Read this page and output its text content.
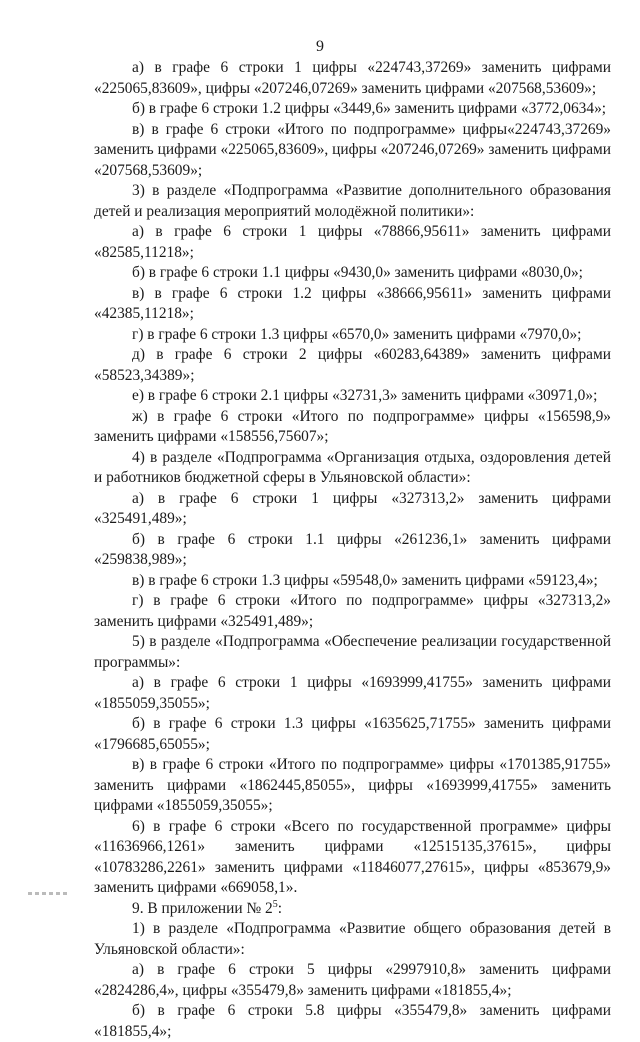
9

а) в графе 6 строки 1 цифры «224743,37269» заменить цифрами «225065,83609», цифры «207246,07269» заменить цифрами «207568,53609»;

б) в графе 6 строки 1.2 цифры «3449,6» заменить цифрами «3772,0634»;

в) в графе 6 строки «Итого по подпрограмме» цифры«224743,37269» заменить цифрами «225065,83609», цифры «207246,07269» заменить цифрами «207568,53609»;

3) в разделе «Подпрограмма «Развитие дополнительного образования детей и реализация мероприятий молодёжной политики»:

а) в графе 6 строки 1 цифры «78866,95611» заменить цифрами «82585,11218»;

б) в графе 6 строки 1.1 цифры «9430,0» заменить цифрами «8030,0»;

в) в графе 6 строки 1.2 цифры «38666,95611» заменить цифрами «42385,11218»;

г) в графе 6 строки 1.3 цифры «6570,0» заменить цифрами «7970,0»;

д) в графе 6 строки 2 цифры «60283,64389» заменить цифрами «58523,34389»;

е) в графе 6 строки 2.1 цифры «32731,3» заменить цифрами «30971,0»;

ж) в графе 6 строки «Итого по подпрограмме» цифры «156598,9» заменить цифрами «158556,75607»;

4) в разделе «Подпрограмма «Организация отдыха, оздоровления детей и работников бюджетной сферы в Ульяновской области»:

а) в графе 6 строки 1 цифры «327313,2» заменить цифрами «325491,489»;

б) в графе 6 строки 1.1 цифры «261236,1» заменить цифрами «259838,989»;

в) в графе 6 строки 1.3 цифры «59548,0» заменить цифрами «59123,4»;

г) в графе 6 строки «Итого по подпрограмме» цифры «327313,2» заменить цифрами «325491,489»;

5) в разделе «Подпрограмма «Обеспечение реализации государственной программы»:

а) в графе 6 строки 1 цифры «1693999,41755» заменить цифрами «1855059,35055»;

б) в графе 6 строки 1.3 цифры «1635625,71755» заменить цифрами «1796685,65055»;

в) в графе 6 строки «Итого по подпрограмме» цифры «1701385,91755» заменить цифрами «1862445,85055», цифры «1693999,41755» заменить цифрами «1855059,35055»;

6) в графе 6 строки «Всего по государственной программе» цифры «11636966,1261» заменить цифрами «12515135,37615», цифры «10783286,2261» заменить цифрами «11846077,27615», цифры «853679,9» заменить цифрами «669058,1».

9. В приложении № $2^5$:

1) в разделе «Подпрограмма «Развитие общего образования детей в Ульяновской области»:

а) в графе 6 строки 5 цифры «2997910,8» заменить цифрами «2824286,4», цифры «355479,8» заменить цифрами «181855,4»;

б) в графе 6 строки 5.8 цифры «355479,8» заменить цифрами «181855,4»;
